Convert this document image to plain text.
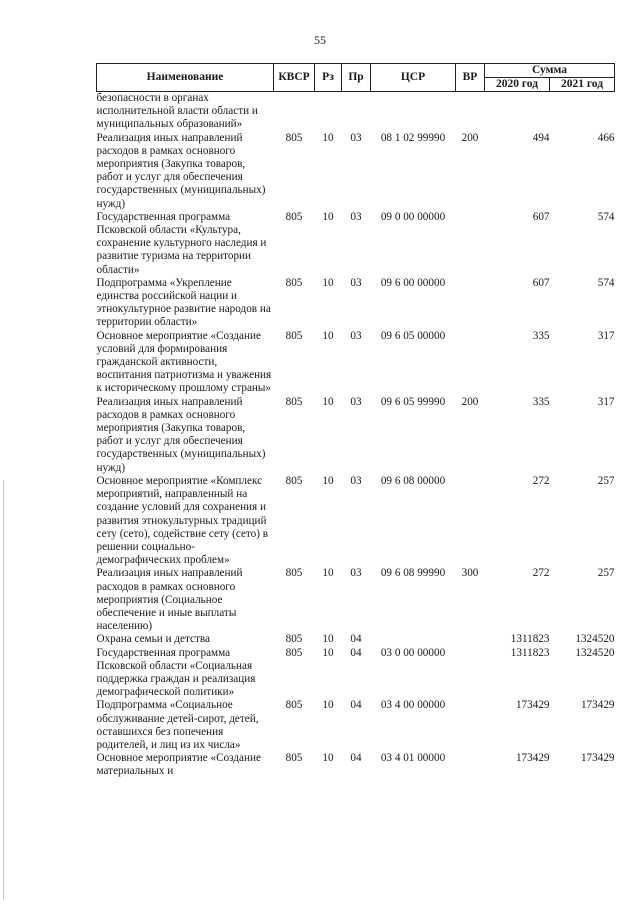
55
Наименование	КВСР	Рз	Пр	ЦСР	ВР	Сумма	
						2020 год	2021 год
безопасности в органах исполнительной власти области и муниципальных образований»							
Реализация иных направлений расходов в рамках основного мероприятия (Закупка товаров, работ и услуг для обеспечения государственных (муниципальных) нужд)	805	10	03	08 1 02 99990	200	494	466
Государственная программа Псковской области «Культура, сохранение культурного наследия и развитие туризма на территории области»	805	10	03	09 0 00 00000		607	574
Подпрограмма «Укрепление единства российской нации и этнокультурное развитие народов на территории области»	805	10	03	09 6 00 00000		607	574
Основное мероприятие «Создание условий для формирования гражданской активности, воспитания патриотизма и уважения к историческому прошлому страны»	805	10	03	09 6 05 00000		335	317
Реализация иных направлений расходов в рамках основного мероприятия (Закупка товаров, работ и услуг для обеспечения государственных (муниципальных) нужд)	805	10	03	09 6 05 99990	200	335	317
Основное мероприятие «Комплекс мероприятий, направленный на создание условий для сохранения и развития этнокультурных традиций сету (сето), содействие сету (сето) в решении социально-демографических проблем»	805	10	03	09 6 08 00000		272	257
Реализация иных направлений расходов в рамках основного мероприятия (Социальное обеспечение и иные выплаты населению)	805	10	03	09 6 08 99990	300	272	257
Охрана семьи и детства	805	10	04			1311823	1324520
Государственная программа Псковской области «Социальная поддержка граждан и реализация демографической политики»	805	10	04	03 0 00 00000		1311823	1324520
Подпрограмма «Социальное обслуживание детей-сирот, детей, оставшихся без попечения родителей, и лиц из их числа»	805	10	04	03 4 00 00000		173429	173429
Основное мероприятие «Создание материальных и	805	10	04	03 4 01 00000		173429	173429
